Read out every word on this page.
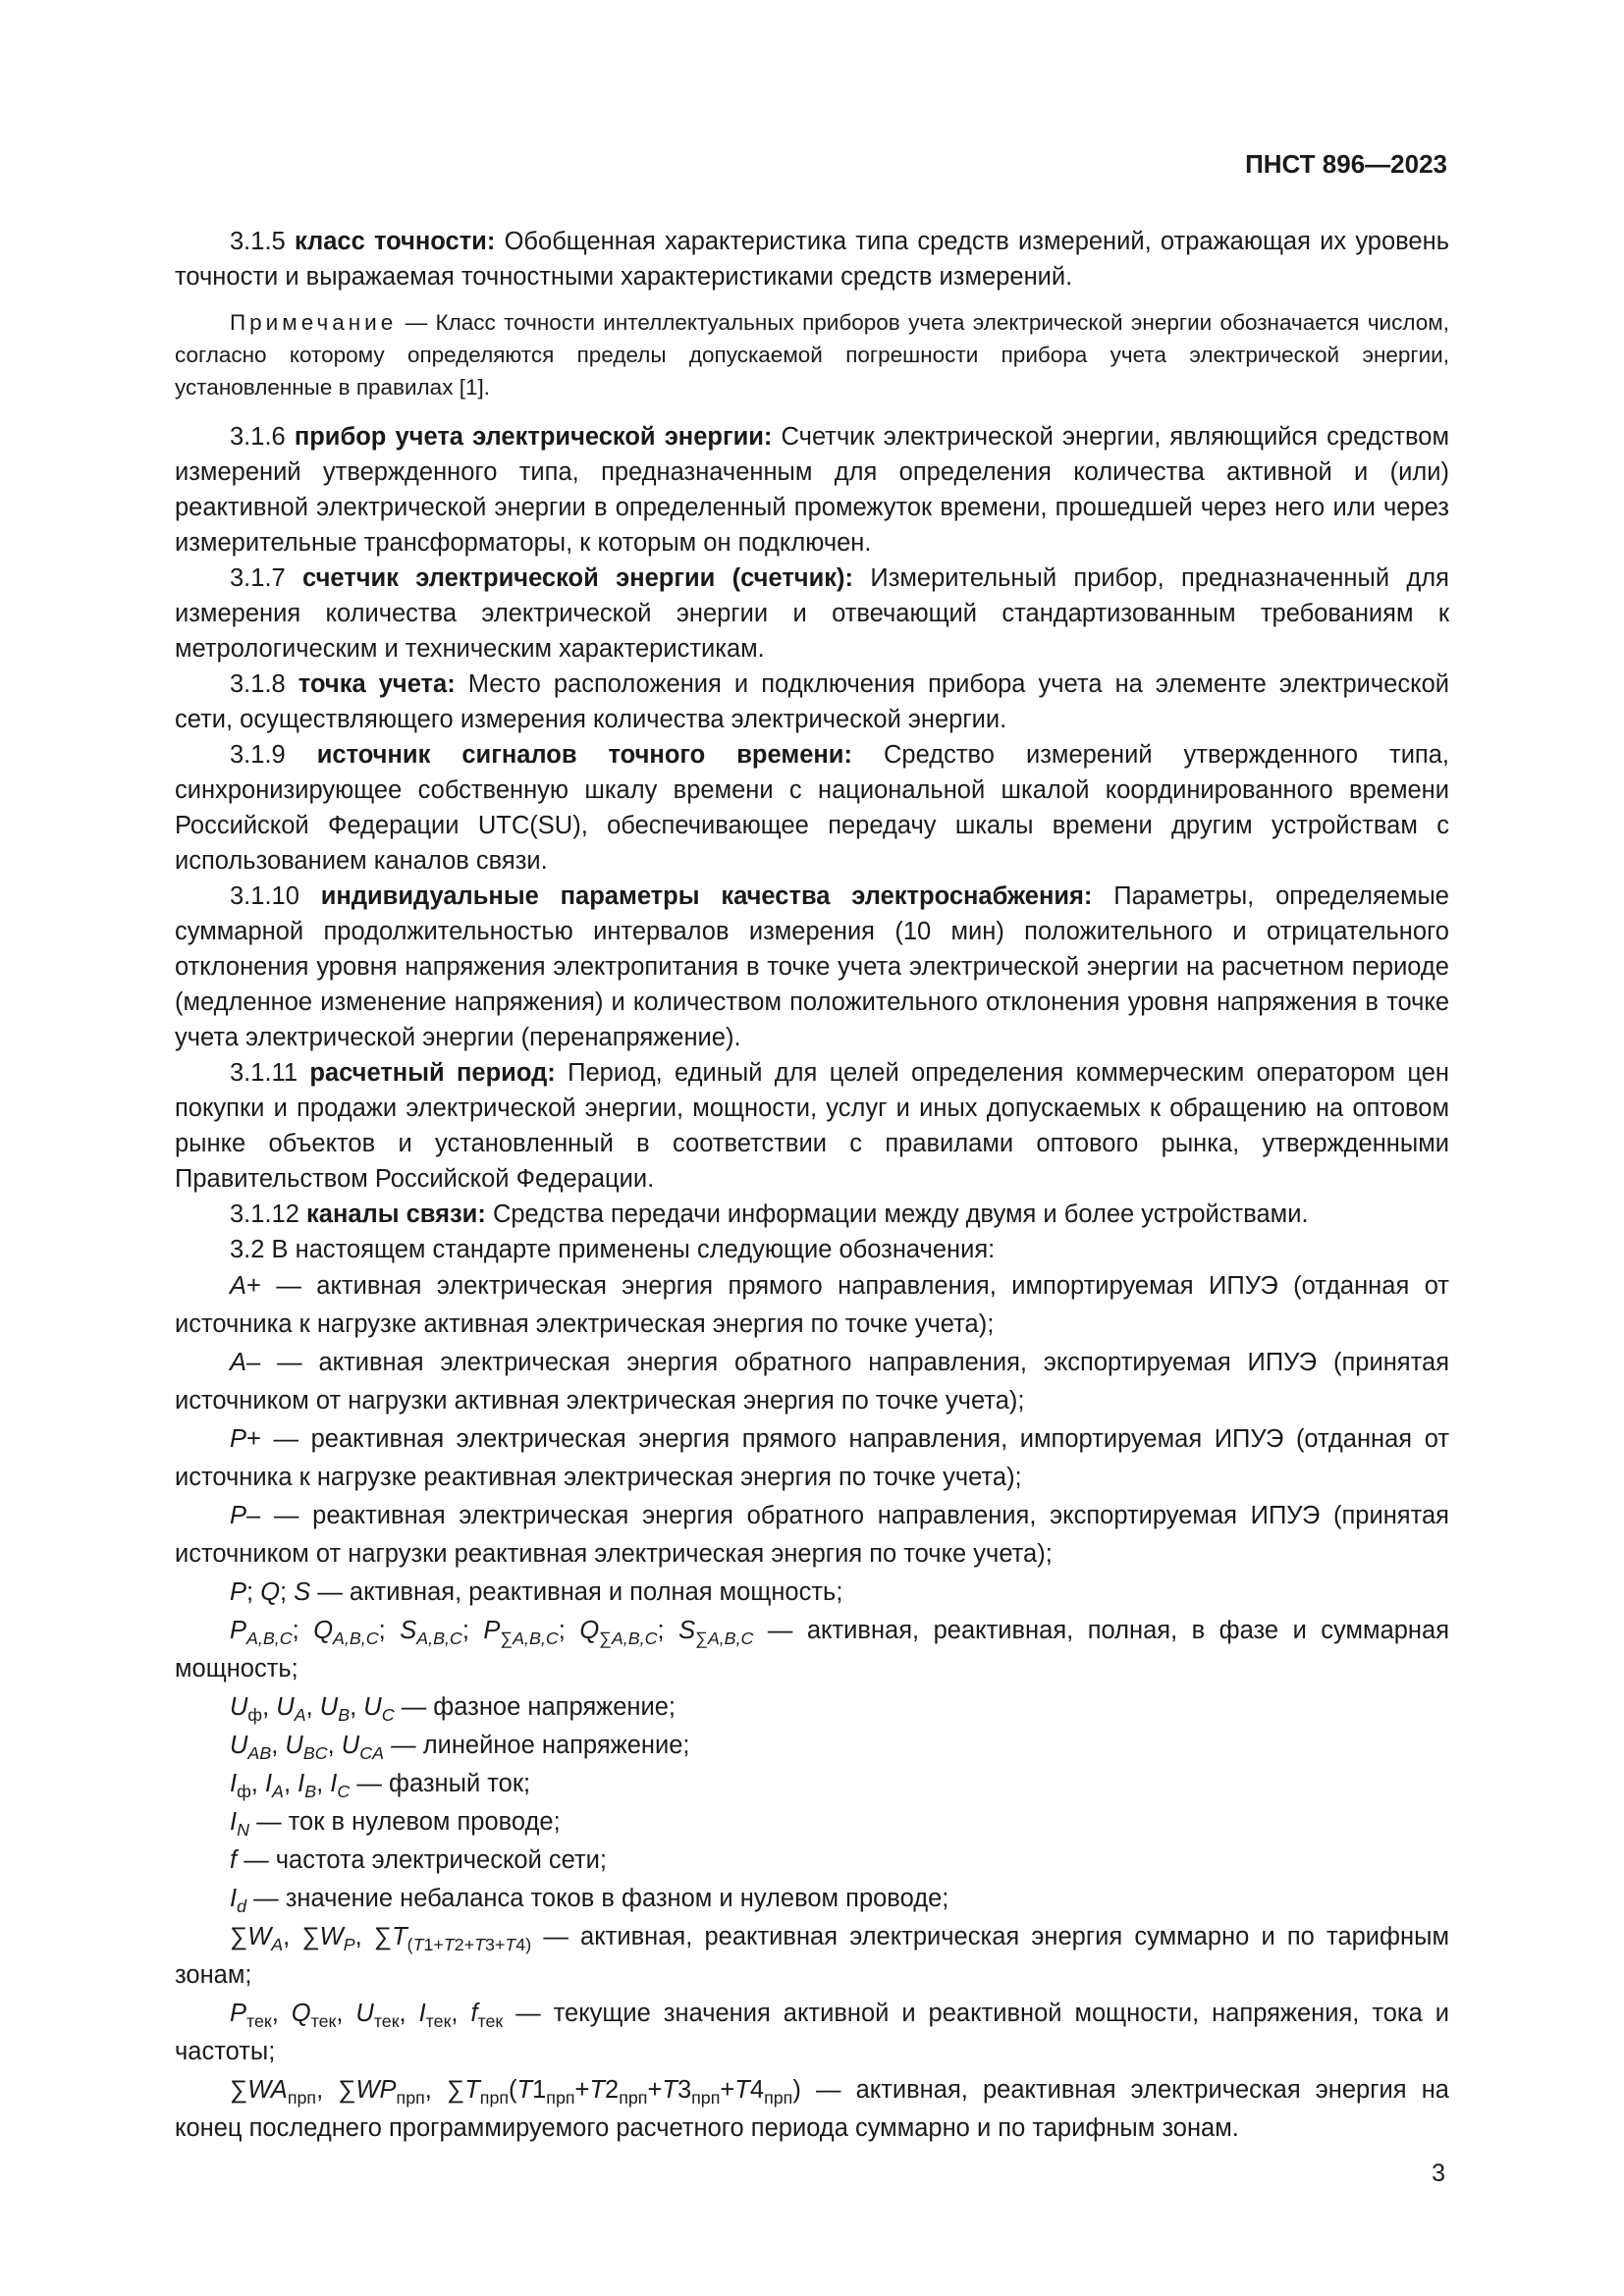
ПНСТ 896—2023

3.1.5 класс точности: Обобщенная характеристика типа средств измерений, отражающая их уровень точности и выражаемая точностными характеристиками средств измерений.

Примечание — Класс точности интеллектуальных приборов учета электрической энергии обозначается числом, согласно которому определяются пределы допускаемой погрешности прибора учета электрической энергии, установленные в правилах [1].

3.1.6 прибор учета электрической энергии: Счетчик электрической энергии, являющийся средством измерений утвержденного типа, предназначенным для определения количества активной и (или) реактивной электрической энергии в определенный промежуток времени, прошедшей через него или через измерительные трансформаторы, к которым он подключен.

3.1.7 счетчик электрической энергии (счетчик): Измерительный прибор, предназначенный для измерения количества электрической энергии и отвечающий стандартизованным требованиям к метрологическим и техническим характеристикам.

3.1.8 точка учета: Место расположения и подключения прибора учета на элементе электрической сети, осуществляющего измерения количества электрической энергии.

3.1.9 источник сигналов точного времени: Средство измерений утвержденного типа, синхронизирующее собственную шкалу времени с национальной шкалой координированного времени Российской Федерации UTC(SU), обеспечивающее передачу шкалы времени другим устройствам с использованием каналов связи.

3.1.10 индивидуальные параметры качества электроснабжения: Параметры, определяемые суммарной продолжительностью интервалов измерения (10 мин) положительного и отрицательного отклонения уровня напряжения электропитания в точке учета электрической энергии на расчетном периоде (медленное изменение напряжения) и количеством положительного отклонения уровня напряжения в точке учета электрической энергии (перенапряжение).

3.1.11 расчетный период: Период, единый для целей определения коммерческим оператором цен покупки и продажи электрической энергии, мощности, услуг и иных допускаемых к обращению на оптовом рынке объектов и установленный в соответствии с правилами оптового рынка, утвержденными Правительством Российской Федерации.

3.1.12 каналы связи: Средства передачи информации между двумя и более устройствами.

3.2 В настоящем стандарте применены следующие обозначения:

A+ — активная электрическая энергия прямого направления, импортируемая ИПУЭ (отданная от источника к нагрузке активная электрическая энергия по точке учета);

A– — активная электрическая энергия обратного направления, экспортируемая ИПУЭ (принятая источником от нагрузки активная электрическая энергия по точке учета);

P+ — реактивная электрическая энергия прямого направления, импортируемая ИПУЭ (отданная от источника к нагрузке реактивная электрическая энергия по точке учета);

P– — реактивная электрическая энергия обратного направления, экспортируемая ИПУЭ (принятая источником от нагрузки реактивная электрическая энергия по точке учета);

P; Q; S — активная, реактивная и полная мощность;

$P_{A,B,C}$; $Q_{A,B,C}$; $S_{A,B,C}$; $P_{\sum A,B,C}$; $Q_{\sum A,B,C}$; $S_{\sum A,B,C}$ — активная, реактивная, полная, в фазе и суммарная мощность;

$U_ф$, $U_A$, $U_B$, $U_C$ — фазное напряжение;

$U_{AB}$, $U_{BC}$, $U_{CA}$ — линейное напряжение;

$I_ф$, $I_A$, $I_B$, $I_C$ — фазный ток;

$I_N$ — ток в нулевом проводе;

f — частота электрической сети;

$I_d$ — значение небаланса токов в фазном и нулевом проводе;

$\sum W_A$, $\sum W_P$, $\sum T_{(T1+T2+T3+T4)}$ — активная, реактивная электрическая энергия суммарно и по тарифным зонам;

$P_{тек}$, $Q_{тек}$, $U_{тек}$, $I_{тек}$, $f_{тек}$ — текущие значения активной и реактивной мощности, напряжения, тока и частоты;

$\sum WA_{прп}$, $\sum WP_{прп}$, $\sum T_{прп}(T1_{прп}+T2_{прп}+T3_{прп}+T4_{прп})$ — активная, реактивная электрическая энергия на конец последнего программируемого расчетного периода суммарно и по тарифным зонам.

3
